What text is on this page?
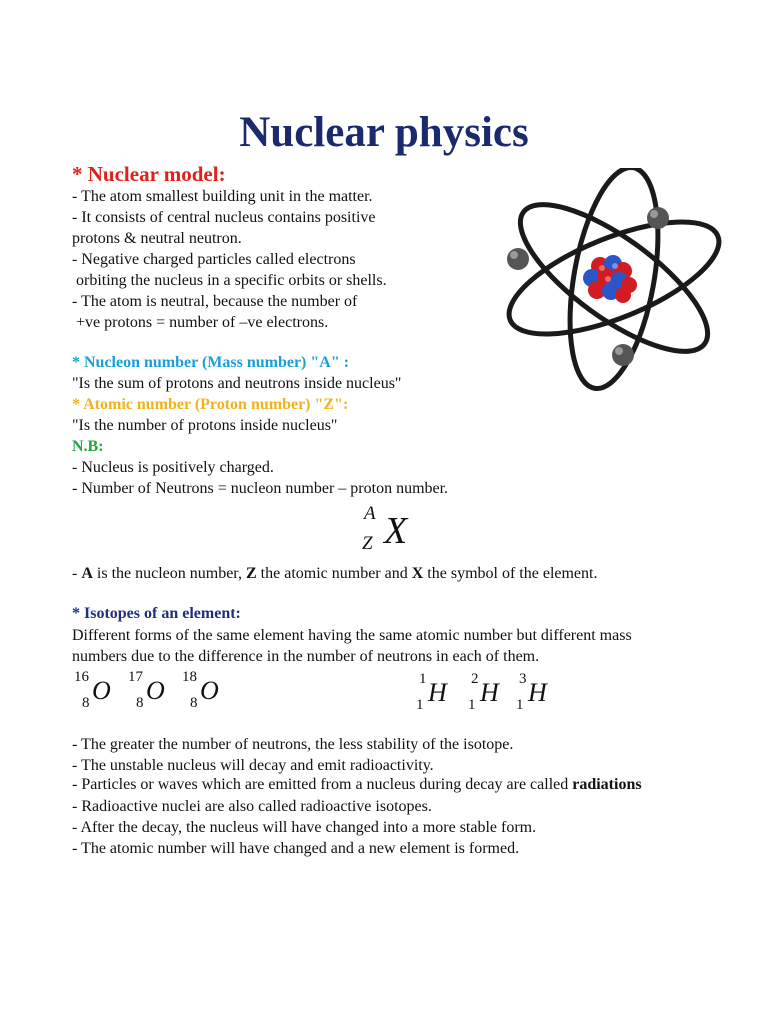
Nuclear physics
* Nuclear model:
- The atom smallest building unit in the matter.
- It consists of central nucleus contains positive
protons & neutral neutron.
- Negative charged particles called electrons
orbiting the nucleus in a specific orbits or shells.
- The atom is neutral, because the number of
+ve protons = number of –ve electrons.
* Nucleon number (Mass number) "A" :
"Is the sum of protons and neutrons inside nucleus"
* Atomic number (Proton number) "Z":
"Is the number of protons inside nucleus"
N.B:
- Nucleus is positively charged.
- Number of Neutrons = nucleon number – proton number.
A
Z X
- A is the nucleon number, Z the atomic number and X the symbol of the element.
* Isotopes of an element:
Different forms of the same element having the same atomic number but different mass
numbers due to the difference in the number of neutrons in each of them.
16
8 O 17
8 O 18
8 O	1
1 H 2
1 H 3
1 H
- The greater the number of neutrons, the less stability of the isotope.
- The unstable nucleus will decay and emit radioactivity.
- Particles or waves which are emitted from a nucleus during decay are called radiations
- Radioactive nuclei are also called radioactive isotopes.
- After the decay, the nucleus will have changed into a more stable form.
- The atomic number will have changed and a new element is formed.
